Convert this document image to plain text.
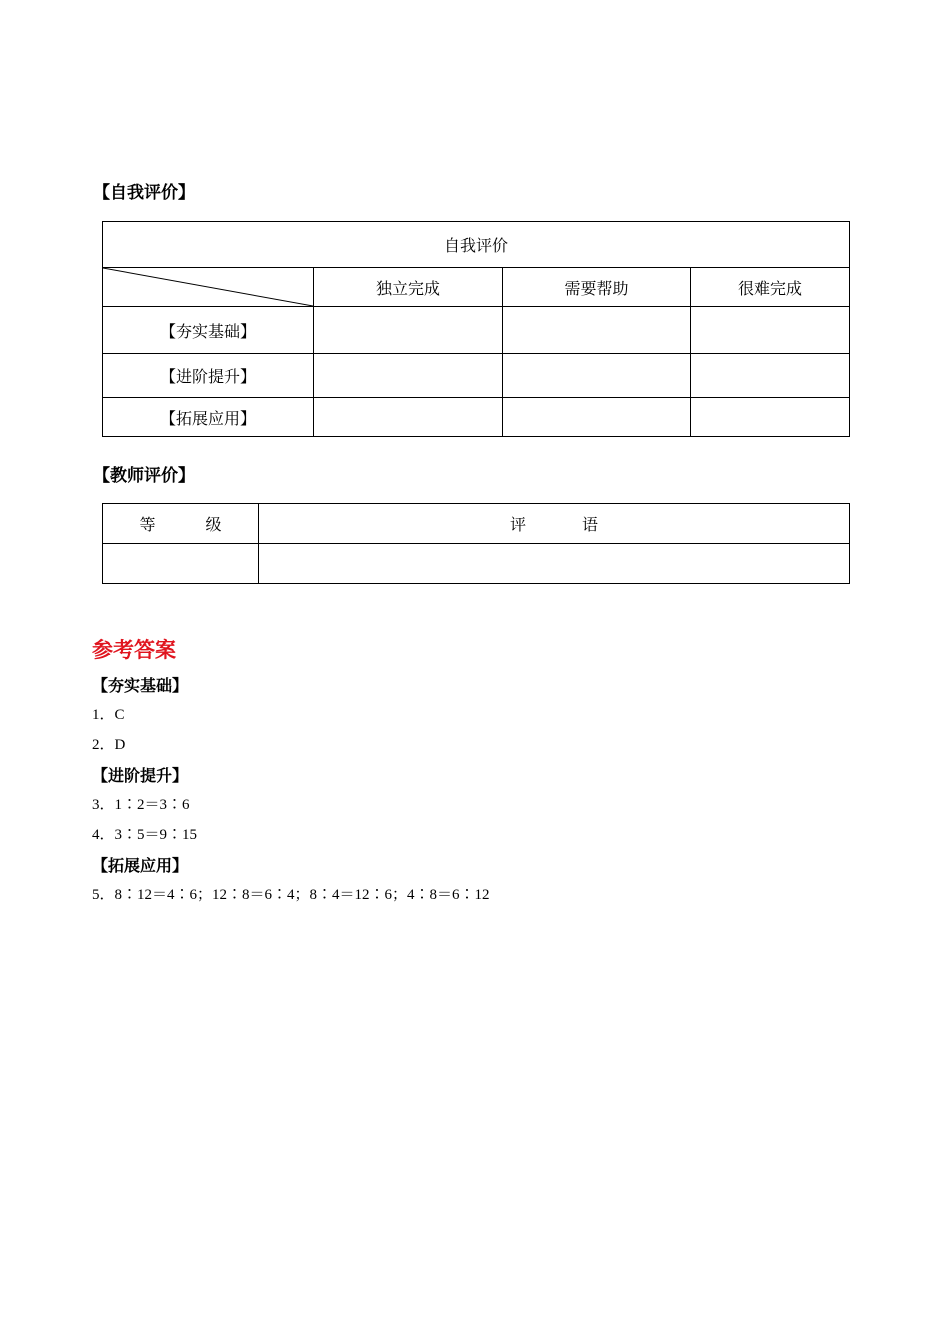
【自我评价】
自我评价			

	独立完成	需要帮助	很难完成
【夯实基础】			
【进阶提升】			
【拓展应用】			
【教师评价】
等 级	评 语

参考答案
【夯实基础】
1．C
2．D
【进阶提升】
3．1∶2＝3∶6
4．3∶5＝9∶15
【拓展应用】
5．8∶12＝4∶6；12∶8＝6∶4；8∶4＝12∶6；4∶8＝6∶12
